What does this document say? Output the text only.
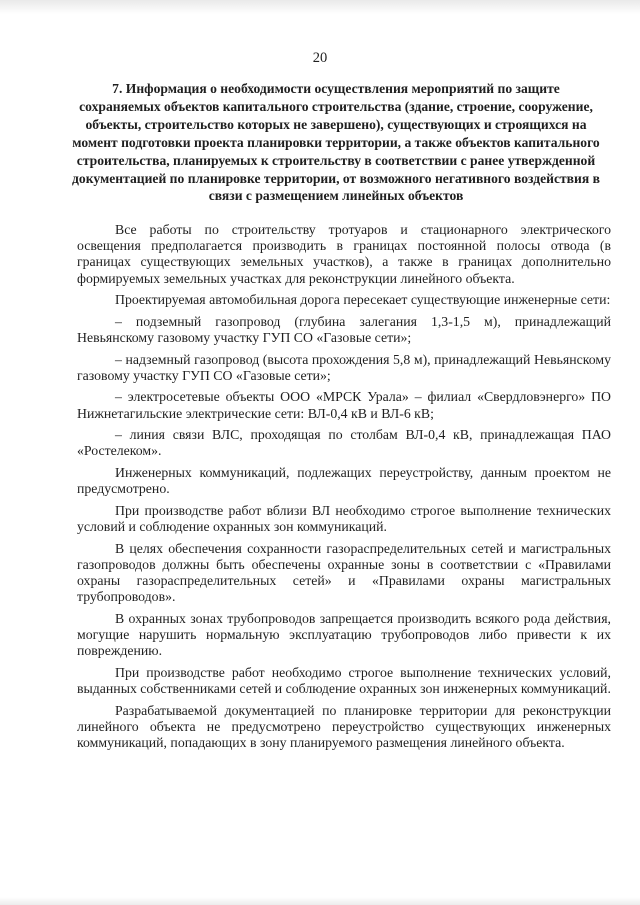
20
7. Информация о необходимости осуществления мероприятий по защите сохраняемых объектов капитального строительства (здание, строение, сооружение, объекты, строительство которых не завершено), существующих и строящихся на момент подготовки проекта планировки территории, а также объектов капитального строительства, планируемых к строительству в соответствии с ранее утвержденной документацией по планировке территории, от возможного негативного воздействия в связи с размещением линейных объектов

Все работы по строительству тротуаров и стационарного электрического освещения предполагается производить в границах постоянной полосы отвода (в границах существующих земельных участков), а также в границах дополнительно формируемых земельных участках для реконструкции линейного объекта.

Проектируемая автомобильная дорога пересекает существующие инженерные сети:

– подземный газопровод (глубина залегания 1,3-1,5 м), принадлежащий Невьянскому газовому участку ГУП СО «Газовые сети»;

– надземный газопровод (высота прохождения 5,8 м), принадлежащий Невьянскому газовому участку ГУП СО «Газовые сети»;

– электросетевые объекты ООО «МРСК Урала» – филиал «Свердловэнерго» ПО Нижнетагильские электрические сети: ВЛ-0,4 кВ и ВЛ-6 кВ;

– линия связи ВЛС, проходящая по столбам ВЛ-0,4 кВ, принадлежащая ПАО «Ростелеком».

Инженерных коммуникаций, подлежащих переустройству, данным проектом не предусмотрено.

При производстве работ вблизи ВЛ необходимо строгое выполнение технических условий и соблюдение охранных зон коммуникаций.

В целях обеспечения сохранности газораспределительных сетей и магистральных газопроводов должны быть обеспечены охранные зоны в соответствии с «Правилами охраны газораспределительных сетей» и «Правилами охраны магистральных трубопроводов».

В охранных зонах трубопроводов запрещается производить всякого рода действия, могущие нарушить нормальную эксплуатацию трубопроводов либо привести к их повреждению.

При производстве работ необходимо строгое выполнение технических условий, выданных собственниками сетей и соблюдение охранных зон инженерных коммуникаций.

Разрабатываемой документацией по планировке территории для реконструкции линейного объекта не предусмотрено переустройство существующих инженерных коммуникаций, попадающих в зону планируемого размещения линейного объекта.
